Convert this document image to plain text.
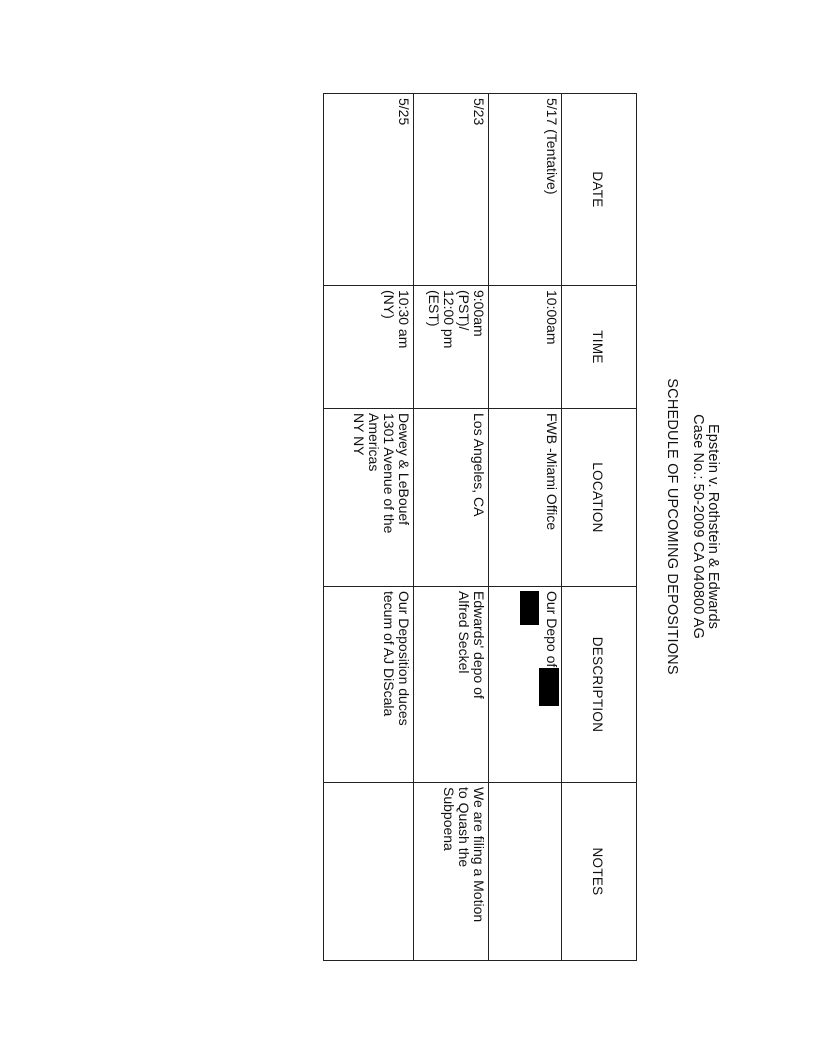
Epstein v. Rothstein & Edwards
Case No.: 50-2009 CA 040800 AG
SCHEDULE OF UPCOMING DEPOSITIONS
DATE	TIME	LOCATION	DESCRIPTION	NOTES
5/17 (Tentative)	10:00am	FWB -Miami Office	Our Depo of

5/23	9:00am
(PST)/
12:00 pm
(EST)	Los Angeles, CA	Edwards' depo of
Alfred Seckel	We are filing a Motion
to Quash the
Subpoena
5/25	10:30 am
(NY)	Dewey & LeBouef
1301 Avenue of the
Americas
NY NY	Our Deposition duces
tecum of AJ DiScala	
